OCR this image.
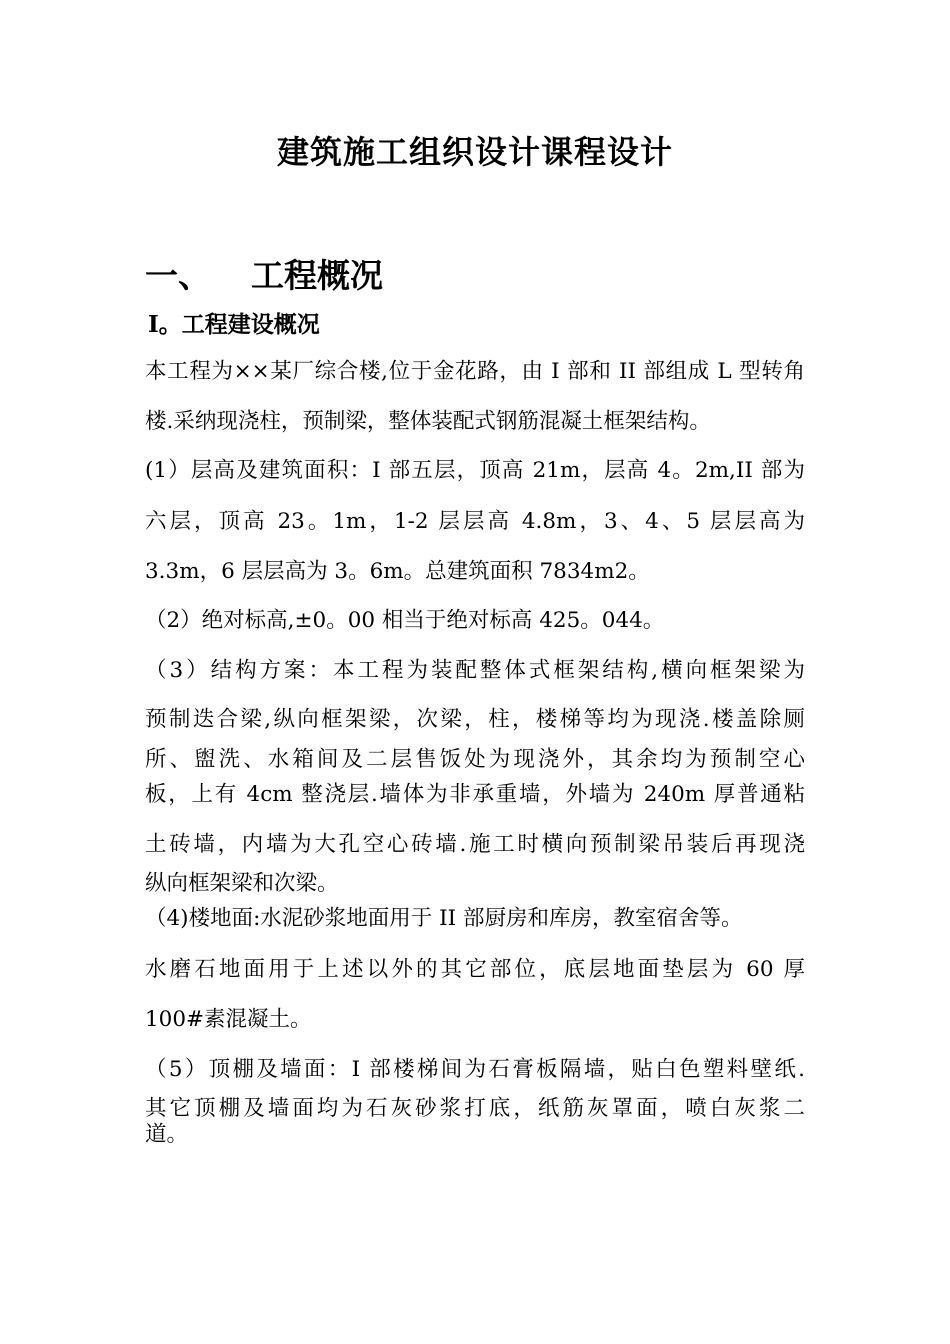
建筑施工组织设计课程设计
一、 工程概况
Ⅰ。工程建设概况
本工程为××某厂综合楼,位于金花路，由 I 部和 II 部组成 L 型转角
楼.采纳现浇柱，预制梁，整体装配式钢筋混凝土框架结构。
(1）层高及建筑面积：I 部五层，顶高 21m，层高 4。2m,II 部为
六层，顶高 23。1m，1-2 层层高 4.8m，3、4、5 层层高为
3.3m，6 层层高为 3。6m。总建筑面积 7834m2。
（2）绝对标高,±0。00 相当于绝对标高 425。044。
（3）结构方案：本工程为装配整体式框架结构,横向框架梁为
预制迭合梁,纵向框架梁，次梁，柱，楼梯等均为现浇.楼盖除厕
所、盥洗、水箱间及二层售饭处为现浇外，其余均为预制空心
板，上有 4cm 整浇层.墙体为非承重墙，外墙为 240m 厚普通粘
土砖墙，内墙为大孔空心砖墙.施工时横向预制梁吊装后再现浇
纵向框架梁和次梁。
（4)楼地面:水泥砂浆地面用于 II 部厨房和库房，教室宿舍等。
水磨石地面用于上述以外的其它部位，底层地面垫层为 60 厚
100#素混凝土。
（5）顶棚及墙面：I 部楼梯间为石膏板隔墙，贴白色塑料壁纸.
其它顶棚及墙面均为石灰砂浆打底，纸筋灰罩面，喷白灰浆二
道。
